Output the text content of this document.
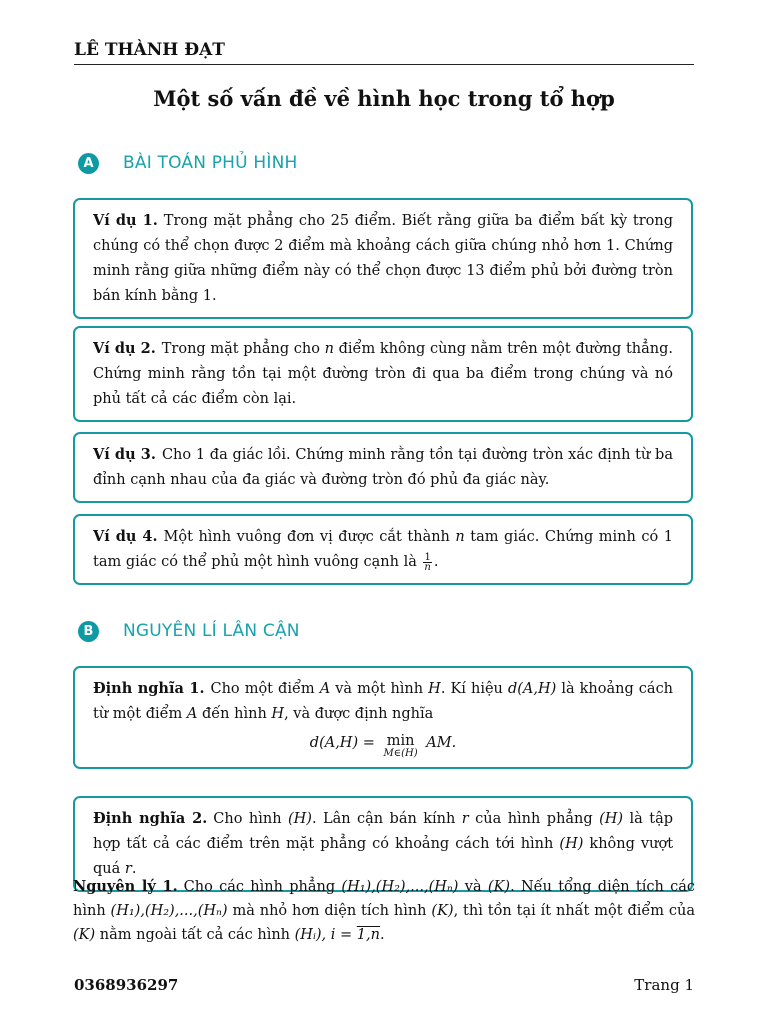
LÊ THÀNH ĐẠT
Một số vấn đề về hình học trong tổ hợp
A	BÀI TOÁN PHỦ HÌNH
Ví dụ 1. Trong mặt phẳng cho 25 điểm. Biết rằng giữa ba điểm bất kỳ trong chúng có thể chọn được 2 điểm mà khoảng cách giữa chúng nhỏ hơn 1. Chứng minh rằng giữa những điểm này có thể chọn được 13 điểm phủ bởi đường tròn bán kính bằng 1.
Ví dụ 2. Trong mặt phẳng cho n điểm không cùng nằm trên một đường thẳng. Chứng minh rằng tồn tại một đường tròn đi qua ba điểm trong chúng và nó phủ tất cả các điểm còn lại.
Ví dụ 3. Cho 1 đa giác lồi. Chứng minh rằng tồn tại đường tròn xác định từ ba đỉnh cạnh nhau của đa giác và đường tròn đó phủ đa giác này.
Ví dụ 4. Một hình vuông đơn vị được cắt thành n tam giác. Chứng minh có 1 tam giác có thể phủ một hình vuông cạnh là $\frac{1}{n}$ .
B	NGUYÊN LÍ LÂN CẬN
Định nghĩa 1. Cho một điểm A và một hình H. Kí hiệu d(A,H) là khoảng cách từ một điểm A đến hình H, và được định nghĩa
d(A,H) = min
M∈(H)
AM.
Định nghĩa 2. Cho hình (H). Lân cận bán kính r của hình phẳng (H) là tập hợp tất cả các điểm trên mặt phẳng có khoảng cách tới hình (H) không vượt quá r.
Nguyên lý 1. Cho các hình phẳng (H₁),(H₂),...,(Hₙ) và (K). Nếu tổng diện tích các hình (H₁),(H₂),...,(Hₙ) mà nhỏ hơn diện tích hình (K), thì tồn tại ít nhất một điểm của (K) nằm ngoài tất cả các hình (Hᵢ), i = 1,n.
0368936297	Trang 1
